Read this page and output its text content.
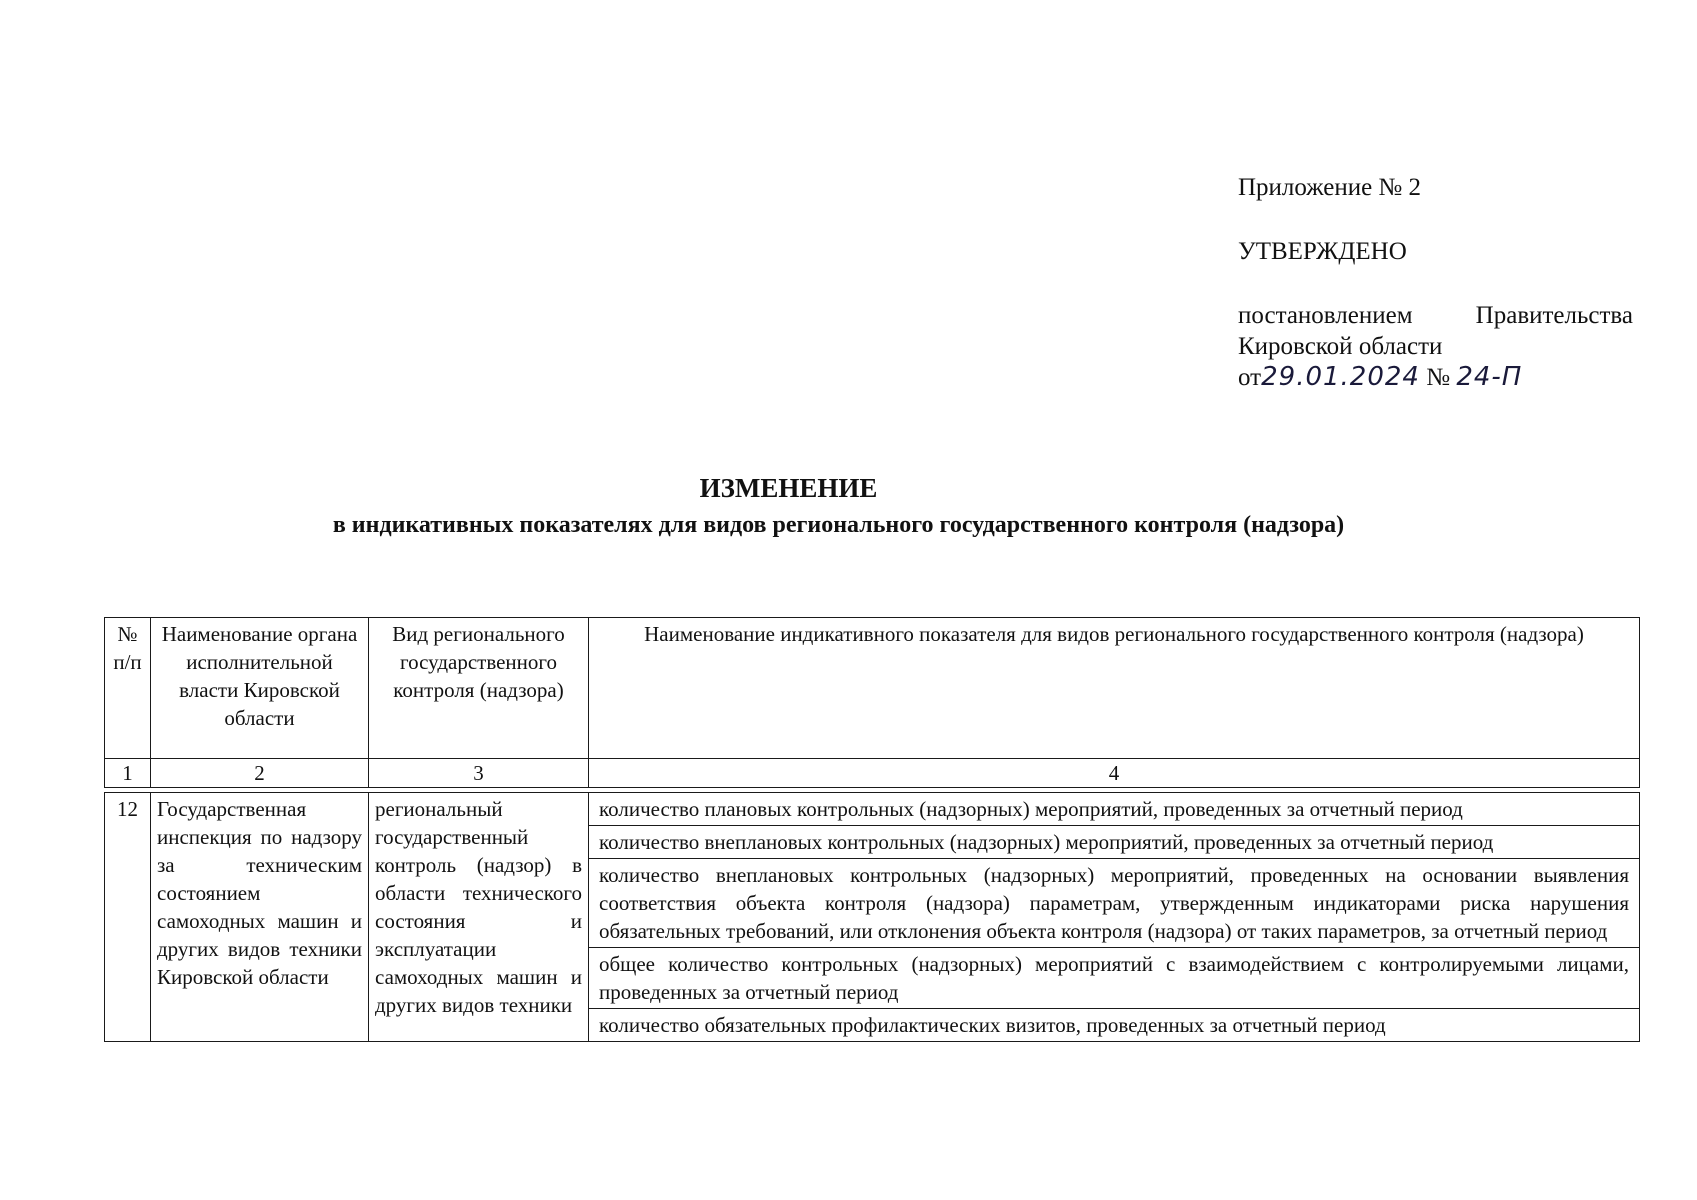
Приложение № 2
УТВЕРЖДЕНО
постановлением	Правительства
Кировской области
от29.01.2024 № 24-П
ИЗМЕНЕНИЕ
в индикативных показателях для видов регионального государственного контроля (надзора)
№ п/п	Наименование органа исполнительной власти Кировской области	Вид регионального государственного контроля (надзора)	Наименование индикативного показателя для видов регионального государственного контроля (надзора)
1	2	3	4

12	Государственная инспекция по надзору за техническим состоянием самоходных машин и других видов техники Кировской области	региональный государственный контроль (надзор) в области технического состояния и эксплуатации самоходных машин и других видов техники	количество плановых контрольных (надзорных) мероприятий, проведенных за отчетный период
			количество внеплановых контрольных (надзорных) мероприятий, проведенных за отчетный период
			количество внеплановых контрольных (надзорных) мероприятий, проведенных на основании выявления соответствия объекта контроля (надзора) параметрам, утвержденным индикаторами риска нарушения обязательных требований, или отклонения объекта контроля (надзора) от таких параметров, за отчетный период
			общее количество контрольных (надзорных) мероприятий с взаимодействием с контролируемыми лицами, проведенных за отчетный период
			количество обязательных профилактических визитов, проведенных за отчетный период
